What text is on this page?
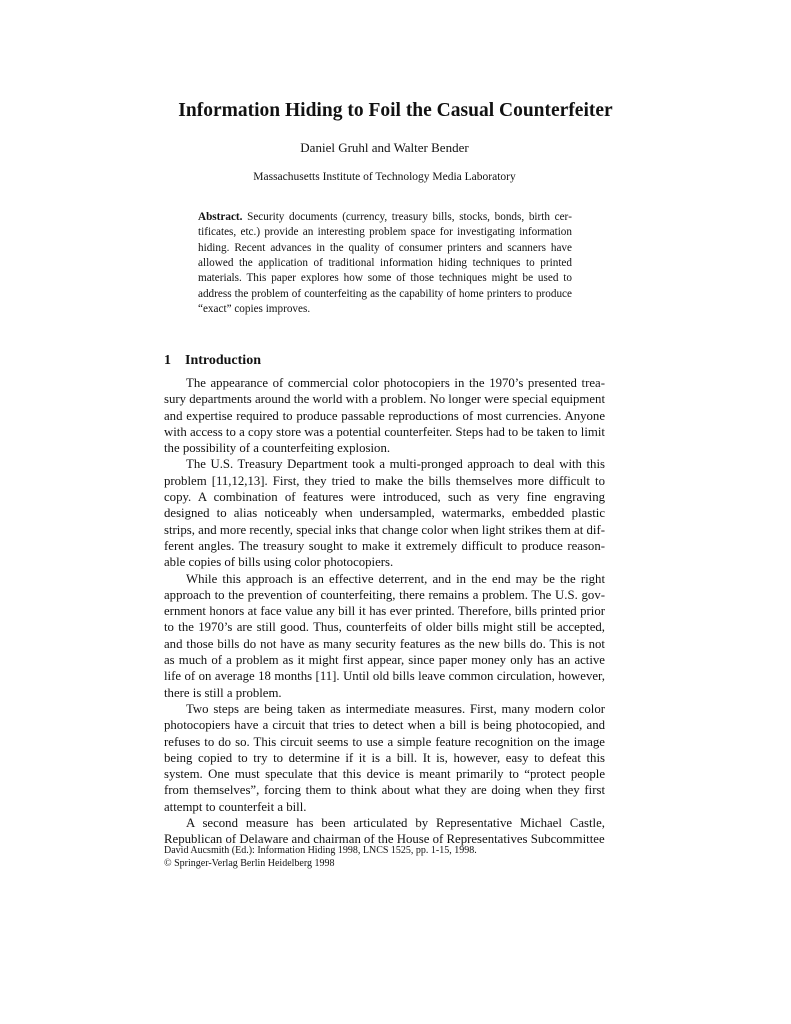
Information Hiding to Foil the Casual Counterfeiter
Daniel Gruhl and Walter Bender
Massachusetts Institute of Technology Media Laboratory
Abstract. Security documents (currency, treasury bills, stocks, bonds, birth certificates, etc.) provide an interesting problem space for investigating information hiding. Recent advances in the quality of consumer printers and scanners have allowed the application of traditional information hiding techniques to printed materials. This paper explores how some of those techniques might be used to address the problem of counterfeiting as the capability of home printers to produce “exact” copies improves.
1 Introduction

The appearance of commercial color photocopiers in the 1970’s presented treasury departments around the world with a problem. No longer were special equipment and expertise required to produce passable reproductions of most currencies. Anyone with access to a copy store was a potential counterfeiter. Steps had to be taken to limit the possibility of a counterfeiting explosion.

The U.S. Treasury Department took a multi-pronged approach to deal with this problem [11,12,13]. First, they tried to make the bills themselves more difficult to copy. A combination of features were introduced, such as very fine engraving designed to alias noticeably when undersampled, watermarks, embedded plastic strips, and more recently, special inks that change color when light strikes them at different angles. The treasury sought to make it extremely difficult to produce reasonable copies of bills using color photocopiers.

While this approach is an effective deterrent, and in the end may be the right approach to the prevention of counterfeiting, there remains a problem. The U.S. government honors at face value any bill it has ever printed. Therefore, bills printed prior to the 1970’s are still good. Thus, counterfeits of older bills might still be accepted, and those bills do not have as many security features as the new bills do. This is not as much of a problem as it might first appear, since paper money only has an active life of on average 18 months [11]. Until old bills leave common circulation, however, there is still a problem.

Two steps are being taken as intermediate measures. First, many modern color photocopiers have a circuit that tries to detect when a bill is being photocopied, and refuses to do so. This circuit seems to use a simple feature recognition on the image being copied to try to determine if it is a bill. It is, however, easy to defeat this system. One must speculate that this device is meant primarily to “protect people from themselves”, forcing them to think about what they are doing when they first attempt to counterfeit a bill.

A second measure has been articulated by Representative Michael Castle, Republican of Delaware and chairman of the House of Representatives Subcommittee

David Aucsmith (Ed.): Information Hiding 1998, LNCS 1525, pp. 1-15, 1998.
© Springer-Verlag Berlin Heidelberg 1998
